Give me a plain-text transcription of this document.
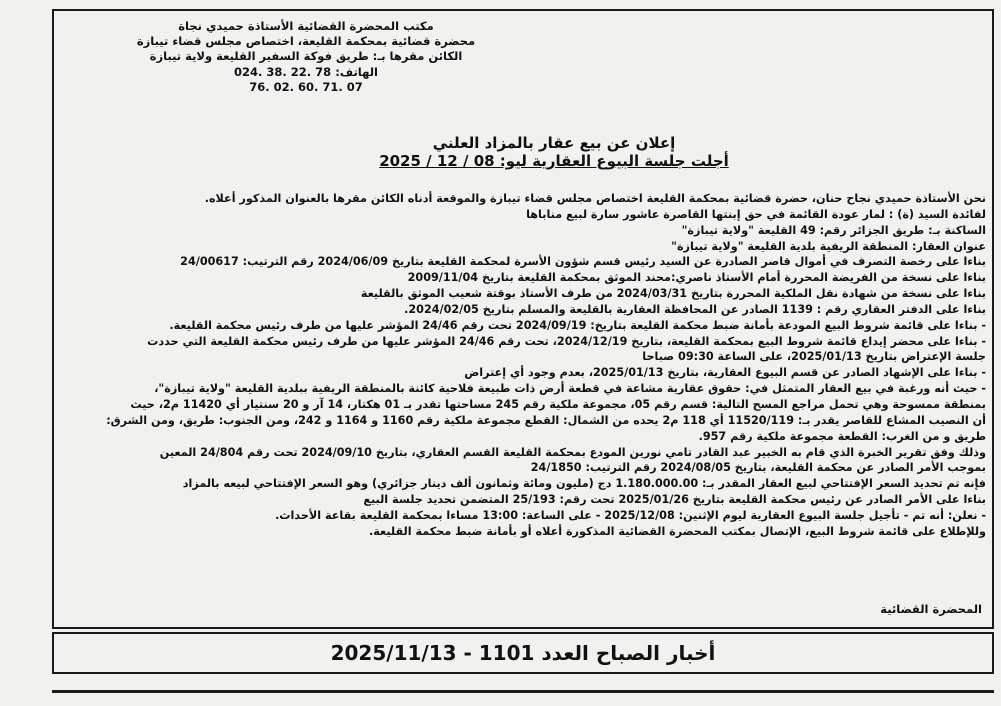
مكتب المحضرة القضائية الأستاذة حميدي نجاة
محضرة قضائية بمحكمة القليعة، اختصاص مجلس قضاء تيبازة
الكائن مقرها بـ: طريق فوكة السفير القليعة ولاية تيبازة
الهاتف: 78 .22 .38 .024
76. 02. 60. 71. 07
إعلان عن بيع عقار بالمزاد العلني
أجلت جلسة البيوع العقارية ليو: 08 / 12 / 2025
نحن الأستاذة حميدي نجاح حنان، حضرة قضائية بمحكمة القليعة اختصاص مجلس قضاء تيبازة والموقعة أدناه الكائن مقرها بالعنوان المذكور أعلاه.
لفائدة السيد (ة) : لمار عودة القائمة في حق إبنتها القاصرة عاشور سارة لبيع مناباها
الساكنة بـ: طريق الجزائر رقم: 49 القليعة "ولاية تيبازة"
عنوان العقار: المنطقة الريفية بلدية القليعة "ولاية تيبازة"
بناءا على رخصة التصرف في أموال قاصر الصادرة عن السيد رئيس قسم شؤون الأسرة لمحكمة القليعة بتاريخ 2024/06/09 رقم الترتيب: 24/00617
بناءا على نسخة من الفريضة المحررة أمام الأستاذ ناصري:محند الموثق بمحكمة القليعة بتاريخ 2009/11/04
بناءا على نسخة من شهادة نقل الملكية المحررة بتاريخ 2024/03/31 من طرف الأستاذ بوقتة شعيب الموثق بالقليعة
بناءا على الدفتر العقاري رقم : 1139 الصادر عن المحافظة العقارية بالقليعة والمسلم بتاريخ 2024/02/05.
- بناءا على قائمة شروط البيع المودعة بأمانة ضبط محكمة القليعة بتاريخ: 2024/09/19 تحت رقم 24/46 المؤشر عليها من طرف رئيس محكمة القليعة.
- بناءا على محضر إيداع قائمة شروط البيع بمحكمة القليعة، بتاريخ 2024/12/19، تحت رقم 24/46 المؤشر عليها من طرف رئيس محكمة القليعة التي حددت
جلسة الإعتراض بتاريخ 2025/01/13، على الساعة 09:30 صباحا
- بناءا على الإشهاد الصادر عن قسم البيوع العقارية، بتاريخ 2025/01/13، بعدم وجود أي إعتراض
- حيث أنه ورغبة في بيع العقار المتمثل في: حقوق عقارية مشاعة في قطعة أرض ذات طبيعة فلاحية كائنة بالمنطقة الريفية ببلدية القليعة "ولاية تيبازة"،
بمنطقة ممسوحة وهي تحمل مراجع المسح التالية: قسم رقم 05، مجموعة ملكية رقم 245 مساحتها تقدر بـ 01 هكتار، 14 آر و 20 سنتيار أي 11420 م2، حيث
أن النصيب المشاع للقاصر يقدر بـ: 11520/119 أي 118 م2 يحده من الشمال: القطع مجموعة ملكية رقم 1160 و 1164 و 242، ومن الجنوب: طريق، ومن الشرق:
طريق و من الغرب: القطعة مجموعة ملكية رقم 957.
وذلك وفق تقرير الخبرة الذي قام به الخبير عبد القادر تامي نورين المودع بمحكمة القليعة القسم العقاري، بتاريخ 2024/09/10 تحت رقم 24/804 المعين
بموجب الأمر الصادر عن محكمة القليعة، بتاريخ 2024/08/05 رقم الترتيب: 24/1850
فإنه تم تحديد السعر الإفتتاحي لبيع العقار المقدر بـ: 1.180.000.00 دج (مليون ومائة وثمانون ألف دينار جزائري) وهو السعر الإفتتاحي لبيعه بالمزاد
بناءا على الأمر الصادر عن رئيس محكمة القليعة بتاريخ 2025/01/26 تحت رقم: 25/193 المتضمن تحديد جلسة البيع
- نعلن: أنه تم - تأجيل جلسة البيوع العقارية ليوم الإثنين: 2025/12/08 - على الساعة: 13:00 مساءا بمحكمة القليعة بقاعة الأحداث.
وللإطلاع على قائمة شروط البيع، الإتصال بمكتب المحضرة القضائية المذكورة أعلاه أو بأمانة ضبط محكمة القليعة.
المحضرة القضائية
أخبار الصباح العدد 1101 - 2025/11/13
